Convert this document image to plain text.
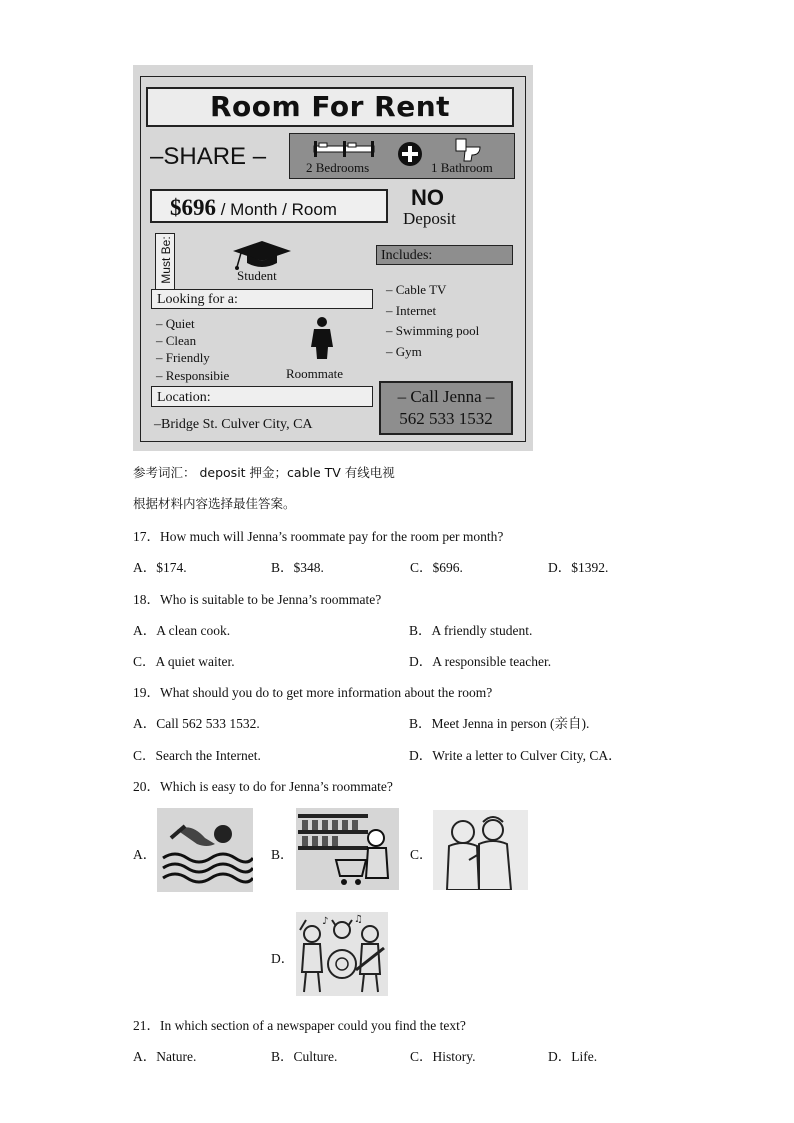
Room For Rent
–SHARE –	2 Bedrooms	1 Bathroom
$696 / Month / Room	NO
Deposit
Must Be:	Student
Includes:
– Cable TV
– Internet
– Swimming pool
– Gym
Looking for a:
– Quiet
– Clean
– Friendly
– Responsibie	Roommate
Location:
–Bridge St. Culver City, CA
– Call Jenna –
562 533 1532
参考词汇： deposit 押金；cable TV 有线电视
根据材料内容选择最佳答案。
17．How much will Jenna’s roommate pay for the room per month?
A．$174.	B．$348.	C．$696.	D．$1392.
18．Who is suitable to be Jenna’s roommate?
A．A clean cook.	B．A friendly student.
C．A quiet waiter.	D．A responsible teacher.
19．What should you do to get more information about the room?
A．Call 562 533 1532.	B．Meet Jenna in person (亲自).
C．Search the Internet.	D．Write a letter to Culver City, CA．
20．Which is easy to do for Jenna’s roommate?
A．	B．	C．
D．
♪	♫
21．In which section of a newspaper could you find the text?
A．Nature.	B．Culture.	C．History.	D．Life.
